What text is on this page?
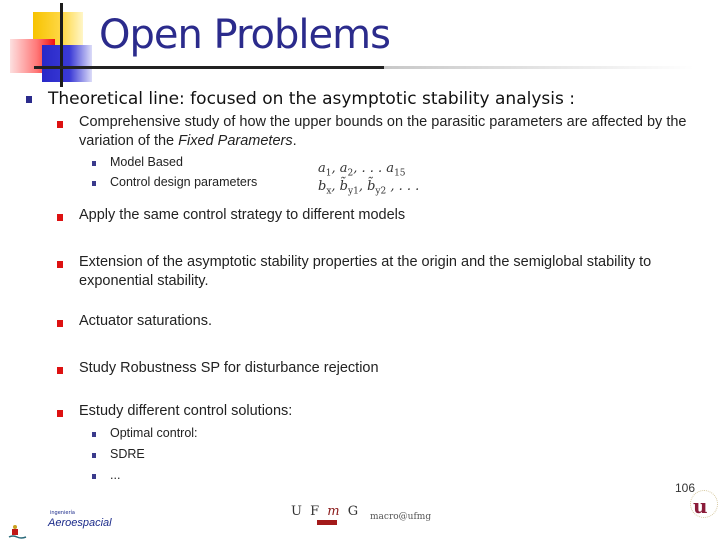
Open Problems
Theoretical line: focused on the asymptotic stability analysis :
Comprehensive study of how the upper bounds on the parasitic parameters are affected by the variation of the Fixed Parameters.
Model Based	$a_1$, $a_2$, . . . $a_{15}$
Control design parameters	$b_x$, $b̃_{y1}$, $b̃_{y2}$ , . . .
Apply the same control strategy to different models
Extension of the asymptotic stability properties at the origin and the semiglobal stability to exponential stability.
Actuator saturations.
Study Robustness SP for disturbance rejection
Estudy different control solutions:
Optimal control:
SDRE
...
ingeniería
Aeroespacial
U F m G macro@ufmg	u
106
